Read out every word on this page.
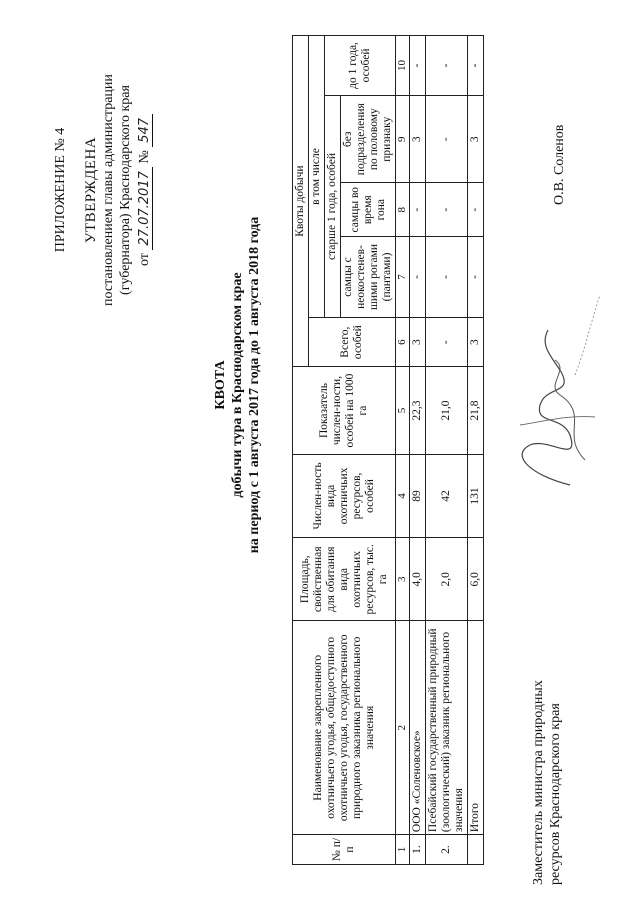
ПРИЛОЖЕНИЕ № 4 УТВЕРЖДЕНА постановлением главы администрации (губернатора) Краснодарского края от 27.07.2017 № 547
КВОТА добычи тура в Краснодарском крае на период с 1 августа 2017 года до 1 августа 2018 года
№ п/п	Наименование закрепленного охотничьего угодья, общедоступного охотничьего угодья, государственного природного заказника регионального значения	Площадь, свойственная для обитания вида охотничьих ресурсов, тыс. га	Числен-ность вида охотничьих ресурсов, особей	Показатель числен-ности, особей на 1000 га	Квоты добычи				
					Всего, особей	в том числе			
						старше 1 года, особей			до 1 года, особей
						самцы с неокостенев-шими рогами (пантами)	самцы во время гона	без подразделения по половому признаку	
1	2	3	4	5	6	7	8	9	10
1.	ООО «Соленовское»	4,0	89	22,3	3	-	-	3	-
2.	Псебайский государственный природный (зоологический) заказник регионального значения	2,0	42	21,0	-	-	-	-	-
	Итого	6,0	131	21,8	3	-	-	3	-
Заместитель министра природных ресурсов Краснодарского края
О.В. Соленов
